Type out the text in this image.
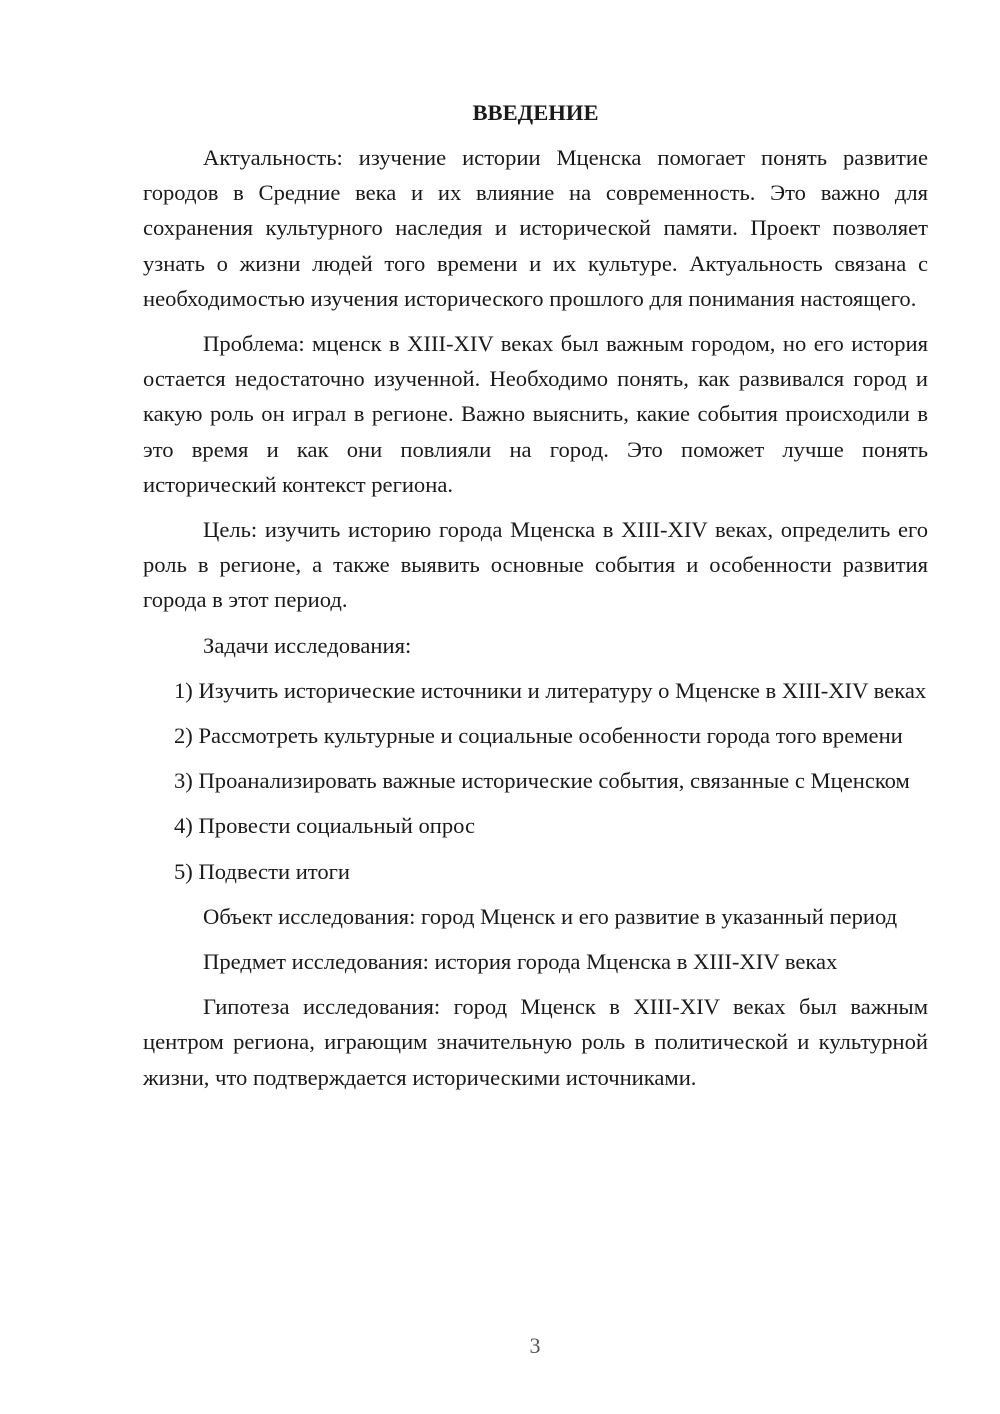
ВВЕДЕНИЕ

Актуальность: изучение истории Мценска помогает понять развитие городов в Средние века и их влияние на современность. Это важно для сохранения культурного наследия и исторической памяти. Проект позволяет узнать о жизни людей того времени и их культуре. Актуальность связана с необходимостью изучения исторического прошлого для понимания настоящего.

Проблема: мценск в XIII-XIV веках был важным городом, но его история остается недостаточно изученной. Необходимо понять, как развивался город и какую роль он играл в регионе. Важно выяснить, какие события происходили в это время и как они повлияли на город. Это поможет лучше понять исторический контекст региона.

Цель: изучить историю города Мценска в XIII-XIV веках, определить его роль в регионе, а также выявить основные события и особенности развития города в этот период.

Задачи исследования:

1) Изучить исторические источники и литературу о Мценске в XIII-XIV веках

2) Рассмотреть культурные и социальные особенности города того времени

3) Проанализировать важные исторические события, связанные с Мценском

4) Провести социальный опрос

5) Подвести итоги

Объект исследования: город Мценск и его развитие в указанный период

Предмет исследования: история города Мценска в XIII-XIV веках

Гипотеза исследования: город Мценск в XIII-XIV веках был важным центром региона, играющим значительную роль в политической и культурной жизни, что подтверждается историческими источниками.

3
